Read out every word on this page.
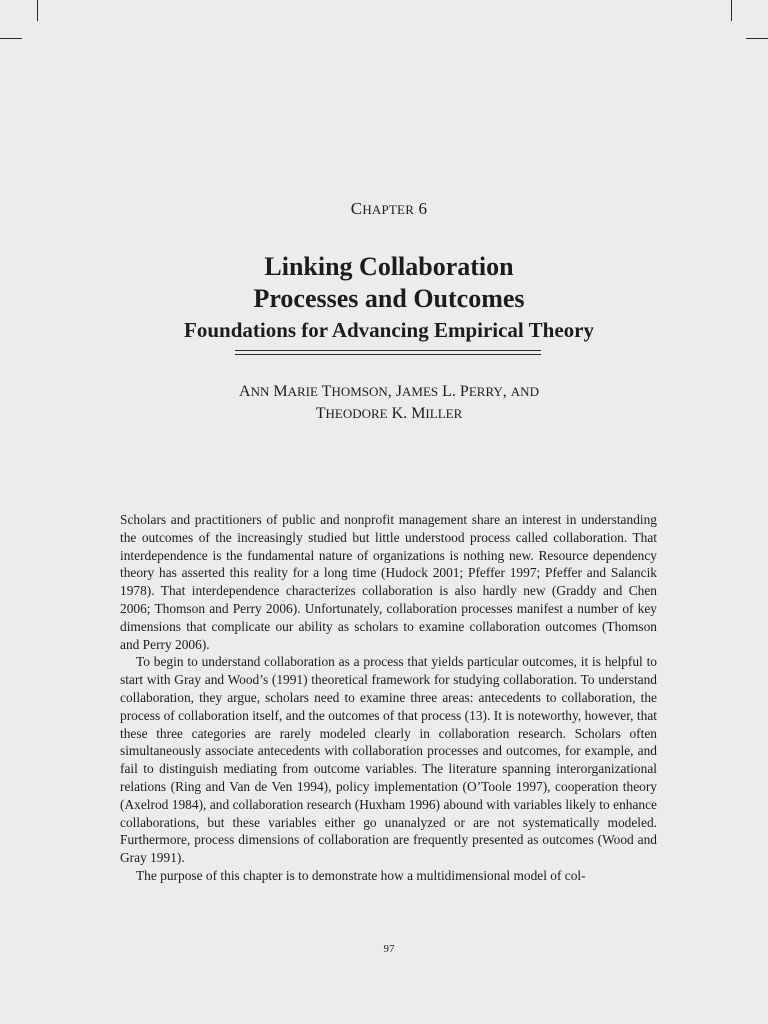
CHAPTER 6
Linking Collaboration
Processes and Outcomes
Foundations for Advancing Empirical Theory
ANN MARIE THOMSON, JAMES L. PERRY, AND
THEODORE K. MILLER

Scholars and practitioners of public and nonprofit management share an interest in understanding the outcomes of the increasingly studied but little understood process called collaboration. That interdependence is the fundamental nature of organizations is nothing new. Resource dependency theory has asserted this reality for a long time (Hudock 2001; Pfeffer 1997; Pfeffer and Salancik 1978). That interdependence characterizes collaboration is also hardly new (Graddy and Chen 2006; Thomson and Perry 2006). Unfortunately, collaboration processes manifest a number of key dimensions that complicate our ability as scholars to examine collaboration outcomes (Thomson and Perry 2006).

To begin to understand collaboration as a process that yields particular outcomes, it is helpful to start with Gray and Wood’s (1991) theoretical framework for studying collaboration. To understand collaboration, they argue, scholars need to examine three areas: antecedents to collaboration, the process of collaboration itself, and the outcomes of that process (13). It is noteworthy, however, that these three categories are rarely modeled clearly in collaboration research. Scholars often simultaneously associate antecedents with collaboration processes and outcomes, for example, and fail to distinguish mediating from outcome variables. The literature spanning interorganizational relations (Ring and Van de Ven 1994), policy implementation (O’Toole 1997), cooperation theory (Axelrod 1984), and collaboration research (Huxham 1996) abound with variables likely to enhance collaborations, but these variables either go unanalyzed or are not systematically modeled. Furthermore, process dimensions of collaboration are frequently presented as outcomes (Wood and Gray 1991).

The purpose of this chapter is to demonstrate how a multidimensional model of col-

97
